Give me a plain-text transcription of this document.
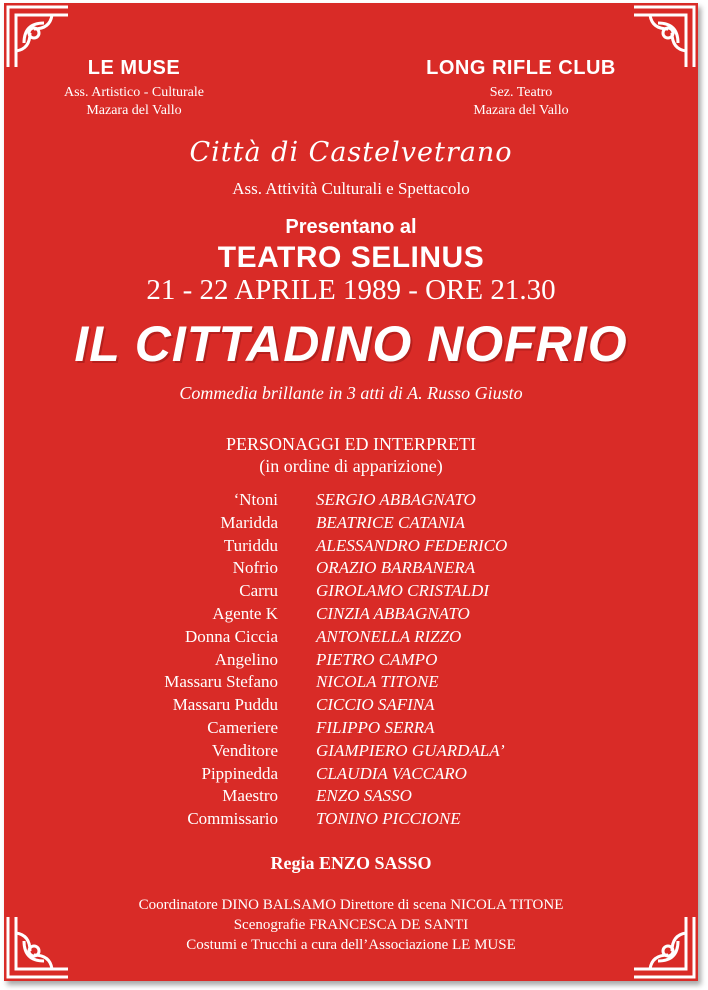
LE MUSE
Ass. Artistico - Culturale
Mazara del Vallo
LONG RIFLE CLUB
Sez. Teatro
Mazara del Vallo
Città di Castelvetrano
Ass. Attività Culturali e Spettacolo
Presentano al
TEATRO SELINUS
21 - 22 APRILE 1989 - ORE 21.30
IL CITTADINO NOFRIO
Commedia brillante in 3 atti di A. Russo Giusto
PERSONAGGI ED INTERPRETI
(in ordine di apparizione)
‘Ntoni SERGIO ABBAGNATO
Maridda BEATRICE CATANIA
Turiddu ALESSANDRO FEDERICO
Nofrio ORAZIO BARBANERA
Carru GIROLAMO CRISTALDI
Agente K CINZIA ABBAGNATO
Donna Ciccia ANTONELLA RIZZO
Angelino PIETRO CAMPO
Massaru Stefano NICOLA TITONE
Massaru Puddu CICCIO SAFINA
Cameriere FILIPPO SERRA
Venditore GIAMPIERO GUARDALA’
Pippinedda CLAUDIA VACCARO
Maestro ENZO SASSO
Commissario TONINO PICCIONE
Regia ENZO SASSO
Coordinatore DINO BALSAMO Direttore di scena NICOLA TITONE
Scenografie FRANCESCA DE SANTI
Costumi e Trucchi a cura dell’Associazione LE MUSE
